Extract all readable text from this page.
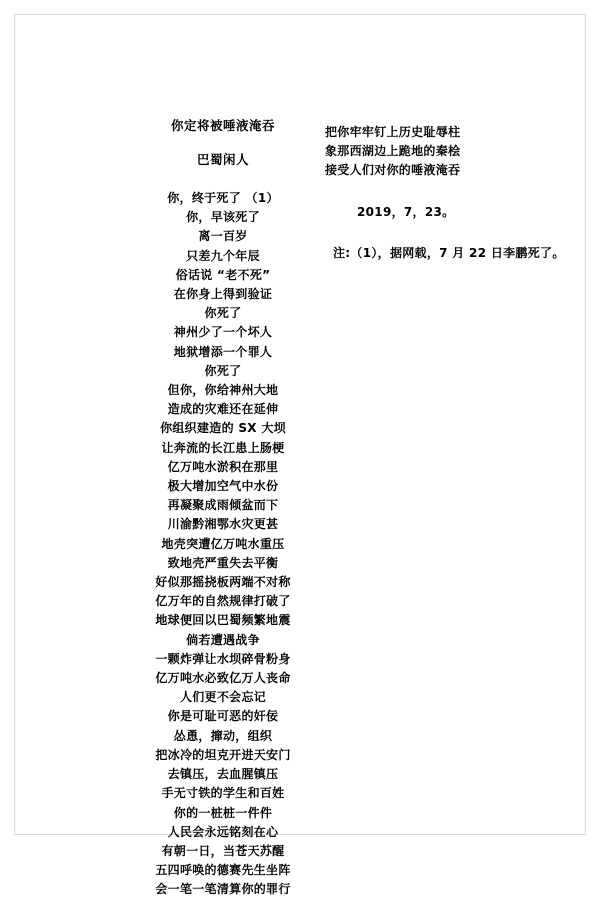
你定将被唾液淹吞
巴蜀闲人
你，终于死了 （1）
你，早该死了
离一百岁
只差九个年辰
俗话说 “老不死”
在你身上得到验证
你死了
神州少了一个坏人
地狱增添一个罪人
你死了
但你，你给神州大地
造成的灾难还在延伸
你组织建造的 SX 大坝
让奔流的长江患上肠梗
亿万吨水淤积在那里
极大增加空气中水份
再凝聚成雨倾盆而下
川渝黔湘鄂水灾更甚
地壳突遭亿万吨水重压
致地壳严重失去平衡
好似那摇挠板两端不对称
亿万年的自然规律打破了
地球便回以巴蜀频繁地震
倘若遭遇战争
一颗炸弹让水坝碎骨粉身
亿万吨水必致亿万人丧命
人们更不会忘记
你是可耻可恶的奸佞
怂恿，撺动，组织
把冰冷的坦克开进天安门
去镇压，去血腥镇压
手无寸铁的学生和百姓
你的一桩桩一件件
人民会永远铭刻在心
有朝一日，当苍天苏醒
五四呼唤的德赛先生坐阵
会一笔一笔清算你的罪行
把你牢牢钉上历史耻辱柱
象那西湖边上跪地的秦桧
接受人们对你的唾液淹吞
2019，7，23。
注:（1），据网载，7 月 22 日李鹏死了。
